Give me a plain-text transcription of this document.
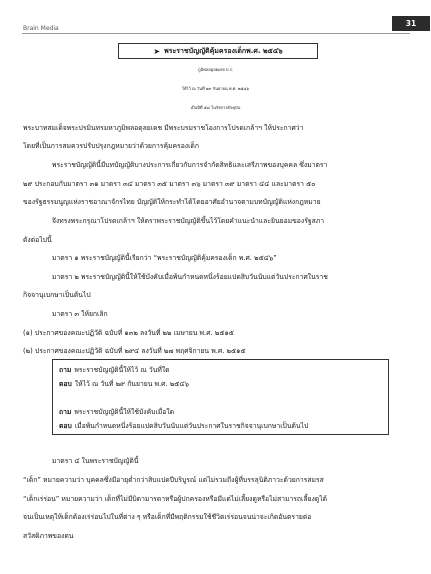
Brain Media
31
➤ พระราชบัญญัติคุ้มครองเด็กพ.ศ. ๒๕๔๖
ภูมิพลอดุลยเดช ป.ร.
ให้ไว้ ณ วันที่ ๒๙ กันยายน พ.ศ. ๒๕๔๖
เป็นปีที่ ๕๘ ในรัชกาลปัจจุบัน
พระบาทสมเด็จพระปรมินทรมหาภูมิพลอดุลยเดช มีพระบรมราชโองการโปรดเกล้าฯ ให้ประกาศว่า
โดยที่เป็นการสมควรปรับปรุงกฎหมายว่าด้วยการคุ้มครองเด็ก
พระราชบัญญัตินี้มีบทบัญญัติบางประการเกี่ยวกับการจำกัดสิทธิและเสรีภาพของบุคคล ซึ่งมาตรา
๒๙ ประกอบกับมาตรา ๓๑ มาตรา ๓๔ มาตรา ๓๕ มาตรา ๓๖ มาตรา ๓๙ มาตรา ๔๔ และมาตรา ๕๐
ของรัฐธรรมนูญแห่งราชอาณาจักรไทย บัญญัติให้กระทำได้โดยอาศัยอำนาจตามบทบัญญัติแห่งกฎหมาย
จึงทรงพระกรุณาโปรดเกล้าฯ ให้ตราพระราชบัญญัติขึ้นไว้โดยคำแนะนำและยินยอมของรัฐสภา
ดังต่อไปนี้
มาตรา ๑ พระราชบัญญัตินี้เรียกว่า “พระราชบัญญัติคุ้มครองเด็ก พ.ศ. ๒๕๔๖”
มาตรา ๒ พระราชบัญญัตินี้ให้ใช้บังคับเมื่อพ้นกำหนดหนึ่งร้อยแปดสิบวันนับแต่วันประกาศในราช
กิจจานุเบกษาเป็นต้นไป
มาตรา ๓ ให้ยกเลิก
(๑) ประกาศของคณะปฏิวัติ ฉบับที่ ๑๓๒ ลงวันที่ ๒๒ เมษายน พ.ศ. ๒๕๑๕
(๒) ประกาศของคณะปฏิวัติ ฉบับที่ ๒๙๔ ลงวันที่ ๒๗ พฤศจิกายน พ.ศ. ๒๕๑๕
ถาม พระราชบัญญัตินี้ให้ไว้ ณ วันที่ใด
ตอบ ให้ไว้ ณ วันที่ ๒๙ กันยายน พ.ศ. ๒๕๔๖
ถาม พระราชบัญญัตินี้ให้ใช้บังคับเมื่อใด
ตอบ เมื่อพ้นกำหนดหนึ่งร้อยแปดสิบวันนับแต่วันประกาศในราชกิจจานุเบกษาเป็นต้นไป
มาตรา ๔ ในพระราชบัญญัตินี้
“เด็ก” หมายความว่า บุคคลซึ่งมีอายุต่ำกว่าสิบแปดปีบริบูรณ์ แต่ไม่รวมถึงผู้ที่บรรลุนิติภาวะด้วยการสมรส
“เด็กเร่ร่อน” หมายความว่า เด็กที่ไม่มีบิดามารดาหรือผู้ปกครองหรือมีแต่ไม่เลี้ยงดูหรือไม่สามารถเลี้ยงดูได้
จนเป็นเหตุให้เด็กต้องเร่ร่อนไปในที่ต่าง ๆ หรือเด็กที่มีพฤติกรรมใช้ชีวิตเร่ร่อนจนน่าจะเกิดอันตรายต่อ
สวัสดิภาพของตน
